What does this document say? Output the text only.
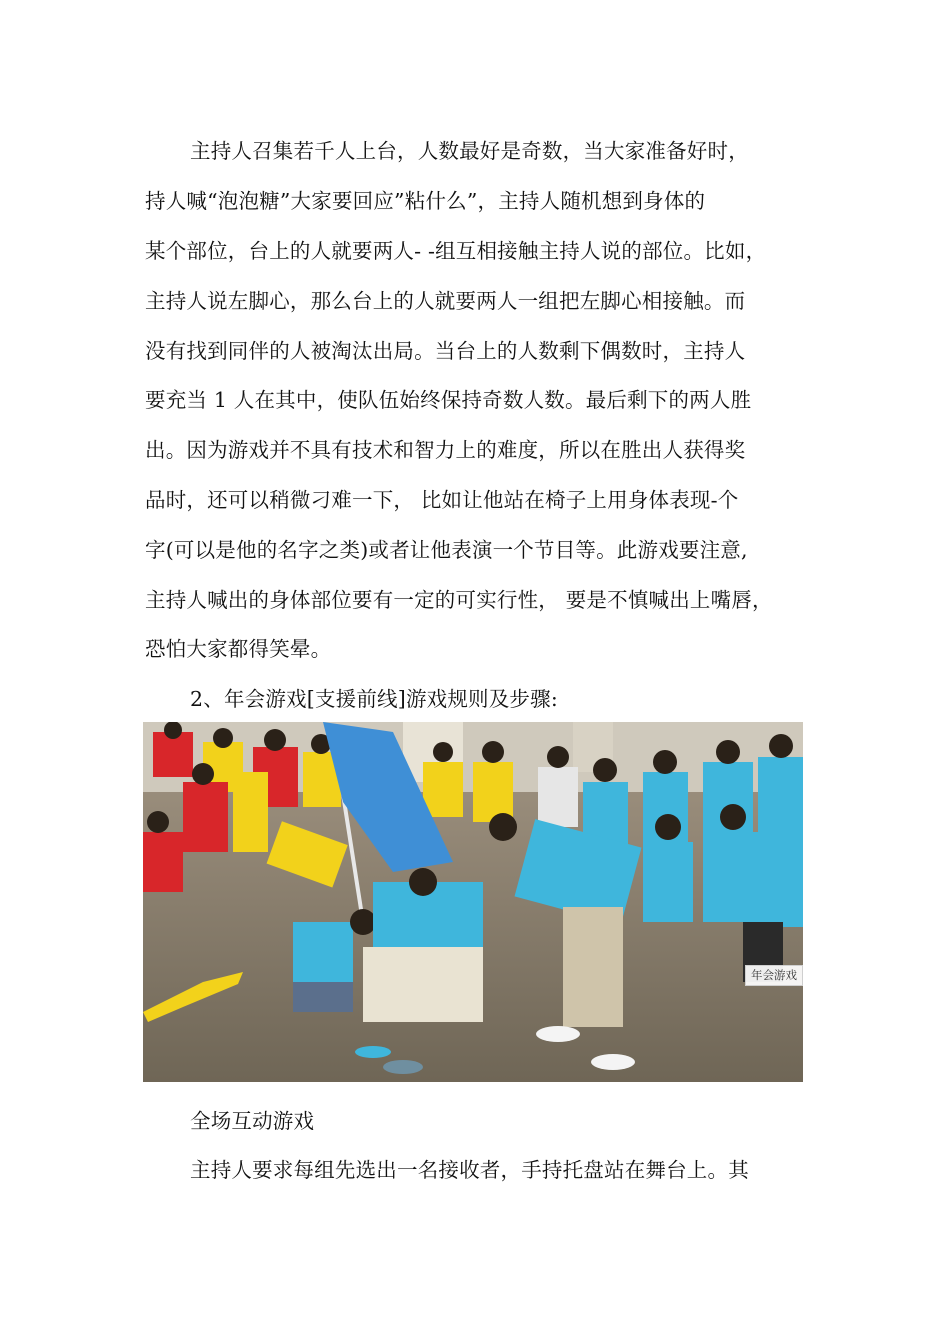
主持人召集若千人上台，人数最好是奇数，当大家准备好时，
持人喊“泡泡糖”大家要回应”粘什么”，主持人随机想到身体的
某个部位，台上的人就要两人- -组互相接触主持人说的部位。比如，
主持人说左脚心，那么台上的人就要两人一组把左脚心相接触。而
没有找到同伴的人被淘汰出局。当台上的人数剩下偶数时，主持人
要充当 1 人在其中，使队伍始终保持奇数人数。最后剩下的两人胜
出。因为游戏并不具有技术和智力上的难度，所以在胜出人获得奖
品时，还可以稍微刁难一下， 比如让他站在椅子上用身体表现-个
字(可以是他的名字之类)或者让他表演一个节目等。此游戏要注意,
主持人喊出的身体部位要有一定的可实行性， 要是不慎喊出上嘴唇，
恐怕大家都得笑晕。
2、年会游戏[支援前线]游戏规则及步骤:
年会游戏
全场互动游戏
主持人要求每组先选出一名接收者，手持托盘站在舞台上。其
